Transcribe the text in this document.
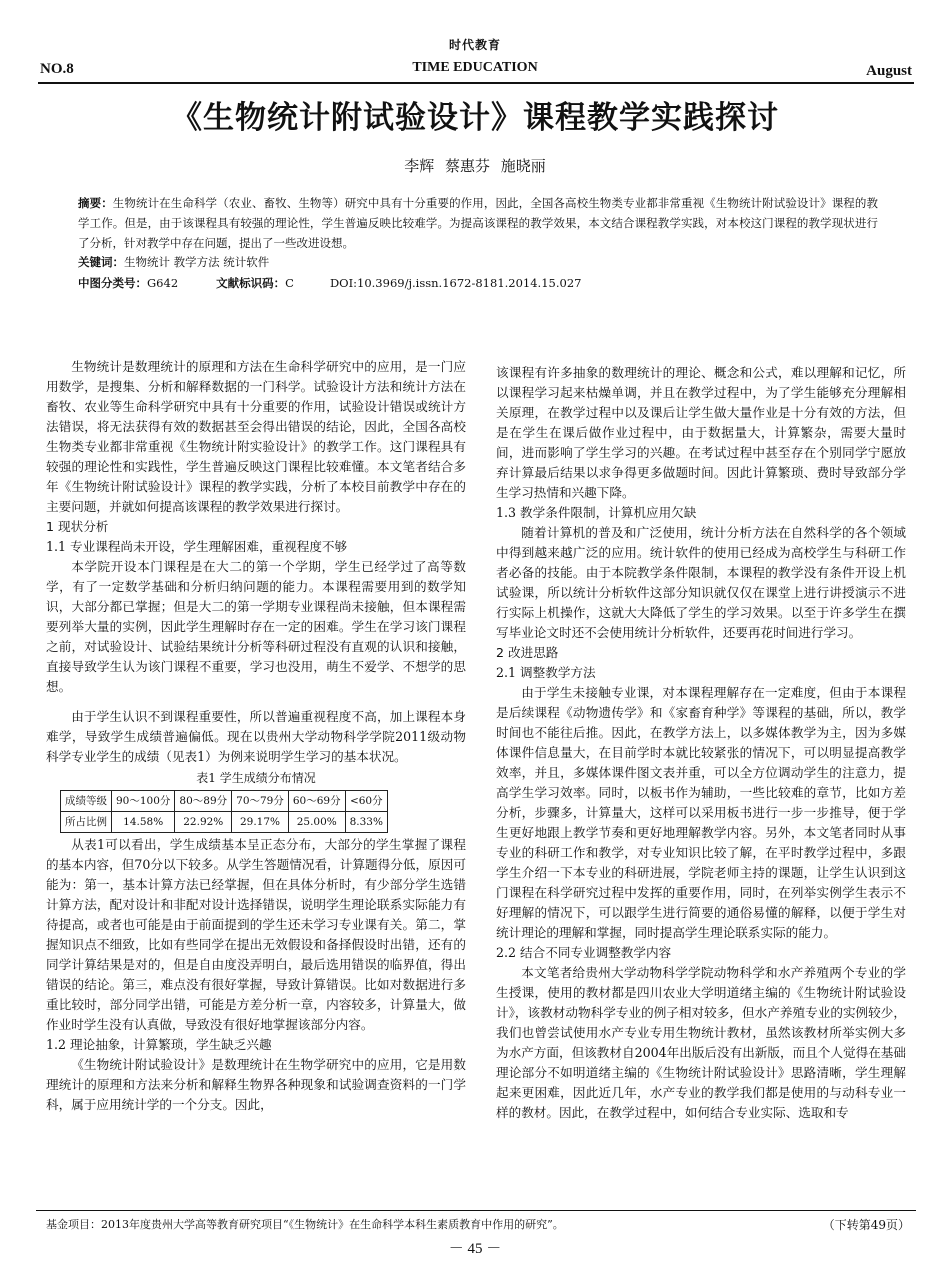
时代教育
NO.8	TIME EDUCATION	August
《生物统计附试验设计》课程教学实践探讨
李辉 蔡惠芬 施晓丽
摘要：生物统计在生命科学（农业、畜牧、生物等）研究中具有十分重要的作用，因此，全国各高校生物类专业都非常重视《生物统计附试验设计》课程的教学工作。但是，由于该课程具有较强的理论性，学生普遍反映比较难学。为提高该课程的教学效果，本文结合课程教学实践，对本校这门课程的教学现状进行了分析，针对教学中存在问题，提出了一些改进设想。
关键词：生物统计 教学方法 统计软件
中图分类号：G642	文献标识码：C	DOI:10.3969/j.issn.1672-8181.2014.15.027

生物统计是数理统计的原理和方法在生命科学研究中的应用，是一门应用数学，是搜集、分析和解释数据的一门科学。试验设计方法和统计方法在畜牧、农业等生命科学研究中具有十分重要的作用，试验设计错误或统计方法错误，将无法获得有效的数据甚至会得出错误的结论，因此，全国各高校生物类专业都非常重视《生物统计附实验设计》的教学工作。这门课程具有较强的理论性和实践性，学生普遍反映这门课程比较难懂。本文笔者结合多年《生物统计附试验设计》课程的教学实践，分析了本校目前教学中存在的主要问题，并就如何提高该课程的教学效果进行探讨。

1 现状分析
1.1 专业课程尚未开设，学生理解困难，重视程度不够

本学院开设本门课程是在大二的第一个学期，学生已经学过了高等数学，有了一定数学基础和分析归纳问题的能力。本课程需要用到的数学知识，大部分都已掌握；但是大二的第一学期专业课程尚未接触，但本课程需要列举大量的实例，因此学生理解时存在一定的困难。学生在学习该门课程之前，对试验设计、试验结果统计分析等科研过程没有直观的认识和接触，直接导致学生认为该门课程不重要，学习也没用，萌生不爱学、不想学的思想。

由于学生认识不到课程重要性，所以普遍重视程度不高，加上课程本身难学，导致学生成绩普遍偏低。现在以贵州大学动物科学学院2011级动物科学专业学生的成绩（见表1）为例来说明学生学习的基本状况。

表1 学生成绩分布情况
成绩等级	90～100分	80～89分	70～79分	60～69分	<60分
所占比例	14.58%	22.92%	29.17%	25.00%	8.33%

从表1可以看出，学生成绩基本呈正态分布，大部分的学生掌握了课程的基本内容，但70分以下较多。从学生答题情况看，计算题得分低，原因可能为：第一，基本计算方法已经掌握，但在具体分析时，有少部分学生选错计算方法，配对设计和非配对设计选择错误，说明学生理论联系实际能力有待提高，或者也可能是由于前面提到的学生还未学习专业课有关。第二，掌握知识点不细致，比如有些同学在提出无效假设和备择假设时出错，还有的同学计算结果是对的，但是自由度没弄明白，最后选用错误的临界值，得出错误的结论。第三，难点没有很好掌握，导致计算错误。比如对数据进行多重比较时，部分同学出错，可能是方差分析一章，内容较多，计算量大，做作业时学生没有认真做，导致没有很好地掌握该部分内容。

1.2 理论抽象，计算繁琐，学生缺乏兴趣

《生物统计附试验设计》是数理统计在生物学研究中的应用，它是用数理统计的原理和方法来分析和解释生物界各种现象和试验调查资料的一门学科，属于应用统计学的一个分支。因此，

该课程有许多抽象的数理统计的理论、概念和公式，难以理解和记忆，所以课程学习起来枯燥单调，并且在教学过程中，为了学生能够充分理解相关原理，在教学过程中以及课后让学生做大量作业是十分有效的方法，但是在学生在课后做作业过程中，由于数据量大，计算繁杂，需要大量时间，进而影响了学生学习的兴趣。在考试过程中甚至存在个别同学宁愿放弃计算最后结果以求争得更多做题时间。因此计算繁琐、费时导致部分学生学习热情和兴趣下降。

1.3 教学条件限制，计算机应用欠缺

随着计算机的普及和广泛使用，统计分析方法在自然科学的各个领域中得到越来越广泛的应用。统计软件的使用已经成为高校学生与科研工作者必备的技能。由于本院教学条件限制，本课程的教学没有条件开设上机试验课，所以统计分析软件这部分知识就仅仅在课堂上进行讲授演示不进行实际上机操作，这就大大降低了学生的学习效果。以至于许多学生在撰写毕业论文时还不会使用统计分析软件，还要再花时间进行学习。

2 改进思路
2.1 调整教学方法

由于学生未接触专业课，对本课程理解存在一定难度，但由于本课程是后续课程《动物遗传学》和《家畜育种学》等课程的基础，所以，教学时间也不能往后推。因此，在教学方法上，以多媒体教学为主，因为多媒体课件信息量大，在目前学时本就比较紧张的情况下，可以明显提高教学效率，并且，多媒体课件图文表并重，可以全方位调动学生的注意力，提高学生学习效率。同时，以板书作为辅助，一些比较难的章节，比如方差分析，步骤多，计算量大，这样可以采用板书进行一步一步推导，便于学生更好地跟上教学节奏和更好地理解教学内容。另外，本文笔者同时从事专业的科研工作和教学，对专业知识比较了解，在平时教学过程中，多跟学生介绍一下本专业的科研进展，学院老师主持的课题，让学生认识到这门课程在科学研究过程中发挥的重要作用，同时，在列举实例学生表示不好理解的情况下，可以跟学生进行简要的通俗易懂的解释，以便于学生对统计理论的理解和掌握，同时提高学生理论联系实际的能力。

2.2 结合不同专业调整教学内容

本文笔者给贵州大学动物科学学院动物科学和水产养殖两个专业的学生授课，使用的教材都是四川农业大学明道绪主编的《生物统计附试验设计》，该教材动物科学专业的例子相对较多，但水产养殖专业的实例较少，我们也曾尝试使用水产专业专用生物统计教材，虽然该教材所举实例大多为水产方面，但该教材自2004年出版后没有出新版，而且个人觉得在基础理论部分不如明道绪主编的《生物统计附试验设计》思路清晰，学生理解起来更困难，因此近几年，水产专业的教学我们都是使用的与动科专业一样的教材。因此，在教学过程中，如何结合专业实际、选取和专

基金项目：2013年度贵州大学高等教育研究项目“《生物统计》在生命科学本科生素质教育中作用的研究”。	（下转第49页）
－ 45 －
